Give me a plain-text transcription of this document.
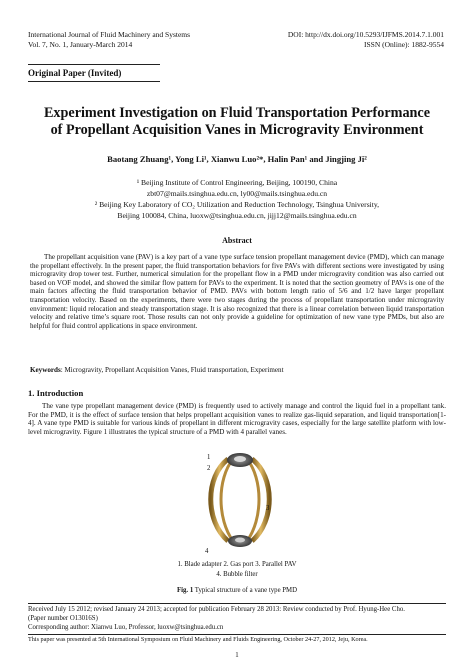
International Journal of Fluid Machinery and Systems
Vol. 7, No. 1, January-March 2014
DOI: http://dx.doi.org/10.5293/IJFMS.2014.7.1.001
ISSN (Online): 1882-9554
Original Paper (Invited)
Experiment Investigation on Fluid Transportation Performance
of Propellant Acquisition Vanes in Microgravity Environment
Baotang Zhuang¹, Yong Li¹, Xianwu Luo²*, Halin Pan¹ and Jingjing Ji²
¹ Beijing Institute of Control Engineering, Beijing, 100190, China
zbt07@mails.tsinghua.edu.cn, ly00@mails.tsinghua.edu.cn
² Beijing Key Laboratory of CO₂ Utilization and Reduction Technology, Tsinghua University,
Beijing 100084, China, luoxw@tsinghua.edu.cn, jijj12@mails.tsinghua.edu.cn
Abstract
The propellant acquisition vane (PAV) is a key part of a vane type surface tension propellant management device (PMD), which can manage the propellant effectively. In the present paper, the fluid transportation behaviors for five PAVs with different sections were investigated by using microgravity drop tower test. Further, numerical simulation for the propellant flow in a PMD under microgravity condition was also carried out based on VOF model, and showed the similar flow pattern for PAVs to the experiment. It is noted that the section geometry of PAVs is one of the main factors affecting the fluid transportation behavior of PMD. PAVs with bottom length ratio of 5/6 and 1/2 have larger propellant transportation velocity. Based on the experiments, there were two stages during the process of propellant transportation under microgravity environment: liquid relocation and steady transportation stage. It is also recognized that there is a linear correlation between liquid transportation velocity and relative time’s square root. Those results can not only provide a guideline for optimization of new vane type PMDs, but also are helpful for fluid control applications in space environment.
Keywords: Microgravity, Propellant Acquisition Vanes, Fluid transportation, Experiment
1. Introduction
The vane type propellant management device (PMD) is frequently used to actively manage and control the liquid fuel in a propellant tank. For the PMD, it is the effect of surface tension that helps propellant acquisition vanes to realize gas-liquid separation, and liquid transportation[1-4]. A vane type PMD is suitable for various kinds of propellant in different microgravity cases, especially for the large satellite platform with low-level microgravity. Figure 1 illustrates the typical structure of a PMD with 4 parallel vanes.
1
2
3
4
1. Blade adapter 2. Gas port 3. Parallel PAV
4. Bubble filter
Fig. 1 Typical structure of a vane type PMD
Received July 15 2012; revised January 24 2013; accepted for publication February 28 2013: Review conducted by Prof. Hyung-Hee Cho.
(Paper number O13016S)
Corresponding author: Xianwu Luo, Professor, luoxw@tsinghua.edu.cn
This paper was presented at 5th International Symposium on Fluid Machinery and Fluids Engineering, October 24-27, 2012, Jeju, Korea.
1
